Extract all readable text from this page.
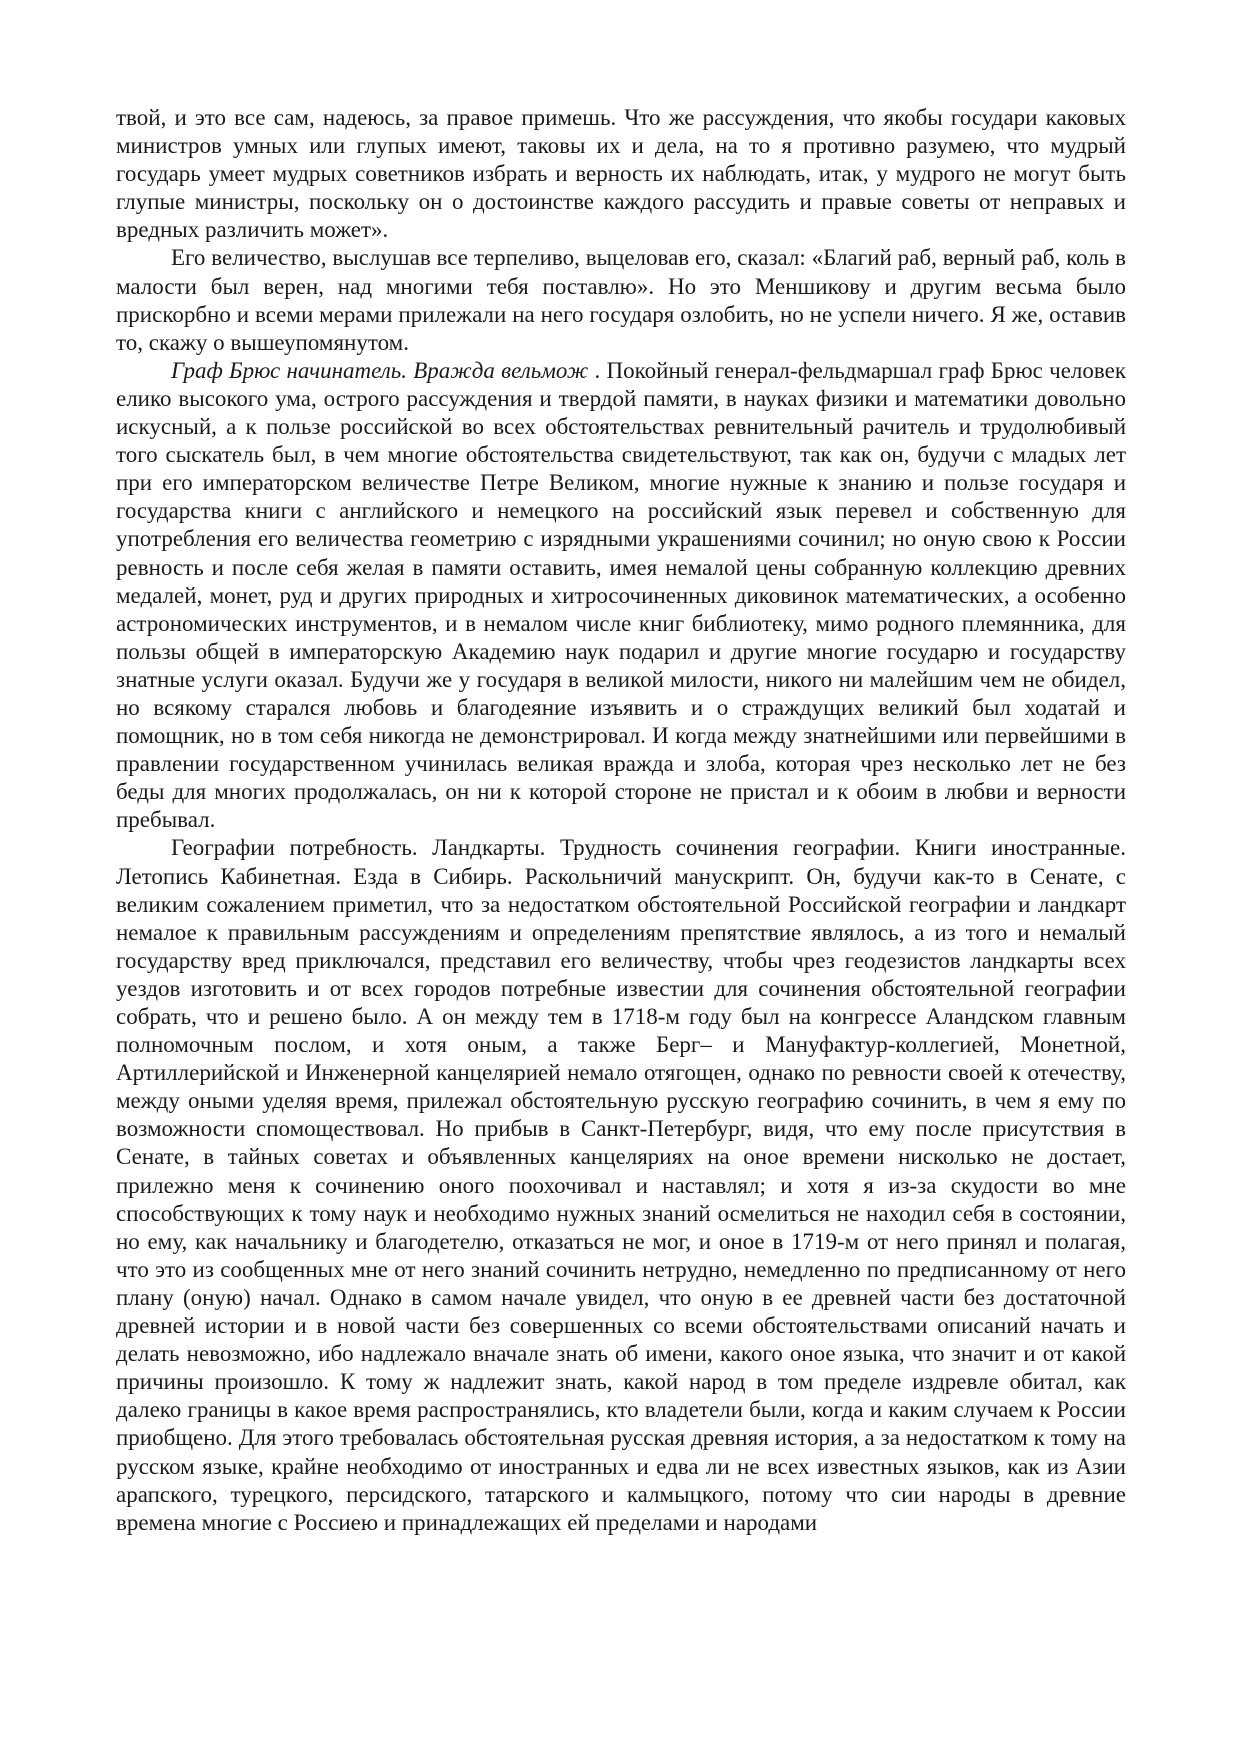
твой, и это все сам, надеюсь, за правое примешь. Что же рассуждения, что якобы государи каковых министров умных или глупых имеют, таковы их и дела, на то я противно разумею, что мудрый государь умеет мудрых советников избрать и верность их наблюдать, итак, у мудрого не могут быть глупые министры, поскольку он о достоинстве каждого рассудить и правые советы от неправых и вредных различить может».

Его величество, выслушав все терпеливо, выцеловав его, сказал: «Благий раб, верный раб, коль в малости был верен, над многими тебя поставлю». Но это Меншикову и другим весьма было прискорбно и всеми мерами прилежали на него государя озлобить, но не успели ничего. Я же, оставив то, скажу о вышеупомянутом.

Граф Брюс начинатель. Вражда вельмож . Покойный генерал-фельдмаршал граф Брюс человек елико высокого ума, острого рассуждения и твердой памяти, в науках физики и математики довольно искусный, а к пользе российской во всех обстоятельствах ревнительный рачитель и трудолюбивый того сыскатель был, в чем многие обстоятельства свидетельствуют, так как он, будучи с младых лет при его императорском величестве Петре Великом, многие нужные к знанию и пользе государя и государства книги с английского и немецкого на российский язык перевел и собственную для употребления его величества геометрию с изрядными украшениями сочинил; но оную свою к России ревность и после себя желая в памяти оставить, имея немалой цены собранную коллекцию древних медалей, монет, руд и других природных и хитросочиненных диковинок математических, а особенно астрономических инструментов, и в немалом числе книг библиотеку, мимо родного племянника, для пользы общей в императорскую Академию наук подарил и другие многие государю и государству знатные услуги оказал. Будучи же у государя в великой милости, никого ни малейшим чем не обидел, но всякому старался любовь и благодеяние изъявить и о страждущих великий был ходатай и помощник, но в том себя никогда не демонстрировал. И когда между знатнейшими или первейшими в правлении государственном учинилась великая вражда и злоба, которая чрез несколько лет не без беды для многих продолжалась, он ни к которой стороне не пристал и к обоим в любви и верности пребывал.

Географии потребность. Ландкарты. Трудность сочинения географии. Книги иностранные. Летопись Кабинетная. Езда в Сибирь. Раскольничий манускрипт. Он, будучи как-то в Сенате, с великим сожалением приметил, что за недостатком обстоятельной Российской географии и ландкарт немалое к правильным рассуждениям и определениям препятствие являлось, а из того и немалый государству вред приключался, представил его величеству, чтобы чрез геодезистов ландкарты всех уездов изготовить и от всех городов потребные известии для сочинения обстоятельной географии собрать, что и решено было. А он между тем в 1718-м году был на конгрессе Аландском главным полномочным послом, и хотя оным, а также Берг– и Мануфактур-коллегией, Монетной, Артиллерийской и Инженерной канцелярией немало отягощен, однако по ревности своей к отечеству, между оными уделяя время, прилежал обстоятельную русскую географию сочинить, в чем я ему по возможности спомоществовал. Но прибыв в Санкт-Петербург, видя, что ему после присутствия в Сенате, в тайных советах и объявленных канцеляриях на оное времени нисколько не достает, прилежно меня к сочинению оного поохочивал и наставлял; и хотя я из-за скудости во мне способствующих к тому наук и необходимо нужных знаний осмелиться не находил себя в состоянии, но ему, как начальнику и благодетелю, отказаться не мог, и оное в 1719-м от него принял и полагая, что это из сообщенных мне от него знаний сочинить нетрудно, немедленно по предписанному от него плану (оную) начал. Однако в самом начале увидел, что оную в ее древней части без достаточной древней истории и в новой части без совершенных со всеми обстоятельствами описаний начать и делать невозможно, ибо надлежало вначале знать об имени, какого оное языка, что значит и от какой причины произошло. К тому ж надлежит знать, какой народ в том пределе издревле обитал, как далеко границы в какое время распространялись, кто владетели были, когда и каким случаем к России приобщено. Для этого требовалась обстоятельная русская древняя история, а за недостатком к тому на русском языке, крайне необходимо от иностранных и едва ли не всех известных языков, как из Азии арапского, турецкого, персидского, татарского и калмыцкого, потому что сии народы в древние времена многие с Россиею и принадлежащих ей пределами и народами
